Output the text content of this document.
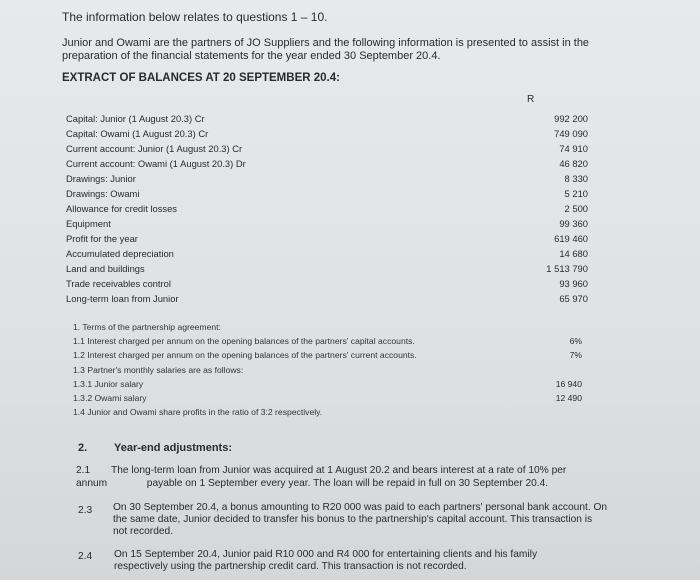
The information below relates to questions 1 – 10.
Junior and Owami are the partners of JO Suppliers and the following information is presented to assist in the preparation of the financial statements for the year ended 30 September 20.4.
EXTRACT OF BALANCES AT 20 SEPTEMBER 20.4:
R
Capital: Junior (1 August 20.3) Cr	992 200
Capital: Owami (1 August 20.3) Cr	749 090
Current account: Junior (1 August 20.3) Cr	74 910
Current account: Owami (1 August 20.3) Dr	46 820
Drawings: Junior	8 330
Drawings: Owami	5 210
Allowance for credit losses	2 500
Equipment	99 360
Profit for the year	619 460
Accumulated depreciation	14 680
Land and buildings	1 513 790
Trade receivables control	93 960
Long-term loan from Junior	65 970
1. Terms of the partnership agreement:
1.1 Interest charged per annum on the opening balances of the partners' capital accounts.	6%
1.2 Interest charged per annum on the opening balances of the partners' current accounts.	7%
1.3 Partner's monthly salaries are as follows:
1.3.1 Junior salary	16 940
1.3.2 Owami salary	12 490
1.4 Junior and Owami share profits in the ratio of 3:2 respectively.
2. Year-end adjustments:
2.1 The long-term loan from Junior was acquired at 1 August 20.2 and bears interest at a rate of 10% per
annum              payable on 1 September every year. The loan will be repaid in full on 30 September 20.4.
2.3 On 30 September 20.4, a bonus amounting to R20 000 was paid to each partners' personal bank account. On the same date, Junior decided to transfer his bonus to the partnership's capital account. This transaction is not recorded.
2.4 On 15 September 20.4, Junior paid R10 000 and R4 000 for entertaining clients and his family respectively using the partnership credit card. This transaction is not recorded.
